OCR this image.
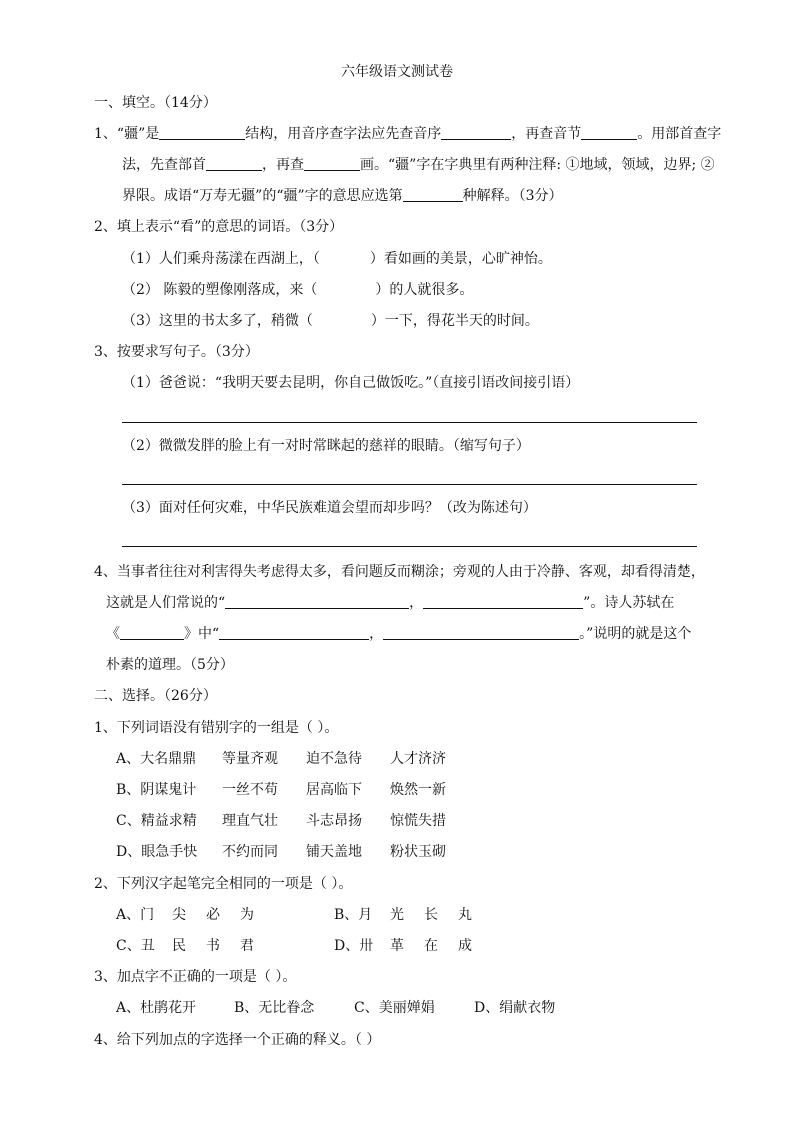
六年级语文测试卷
一、填空。（14分）
1、“疆”是	结构，用音序查字法应先查音序	，再查音节	。用部首查字
法，先查部首	，再查	画。“疆”字在字典里有两种注释: ①地域，领域，边界; ②
界限。成语“万寿无疆”的“疆”字的意思应选第	种解释。（3分）
2、填上表示“看”的意思的词语。（3分）
（1）人们乘舟荡漾在西湖上，（	）看如画的美景，心旷神怡。
（2） 陈毅的塑像刚落成，来（	）的人就很多。
（3）这里的书太多了，稍微（	）一下，得花半天的时间。
3、按要求写句子。（3分）
（1）爸爸说：“我明天要去昆明，你自己做饭吃。”（直接引语改间接引语）
（2）微微发胖的脸上有一对时常眯起的慈祥的眼睛。（缩写句子）
（3）面对任何灾难，中华民族难道会望而却步吗？（改为陈述句）
4、当事者往往对利害得失考虑得太多，看问题反而糊涂；旁观的人由于冷静、客观，却看得清楚，
这就是人们常说的“	，	”。诗人苏轼在
《	》中“	，	。”说明的就是这个
朴素的道理。（5分）
二、选择。（26分）
1、下列词语没有错别字的一组是（ ）。
A、大名鼎鼎 等量齐观 迫不急待 人才济济
B、阴谋鬼计 一丝不苟 居高临下 焕然一新
C、精益求精 理直气壮 斗志昂扬 惊慌失措
D、眼急手快 不约而同 铺天盖地 粉状玉砌
2、下列汉字起笔完全相同的一项是（ ）。
A、门 尖 必 为	B、月 光 长 丸
C、丑 民 书 君	D、卅 革 在 成
3、加点字不正确的一项是（ ）。
A、杜鹃花开	B、无比眷念	C、美丽婵娟	D、绢献衣物
4、给下列加点的字选择一个正确的释义。（ ）
